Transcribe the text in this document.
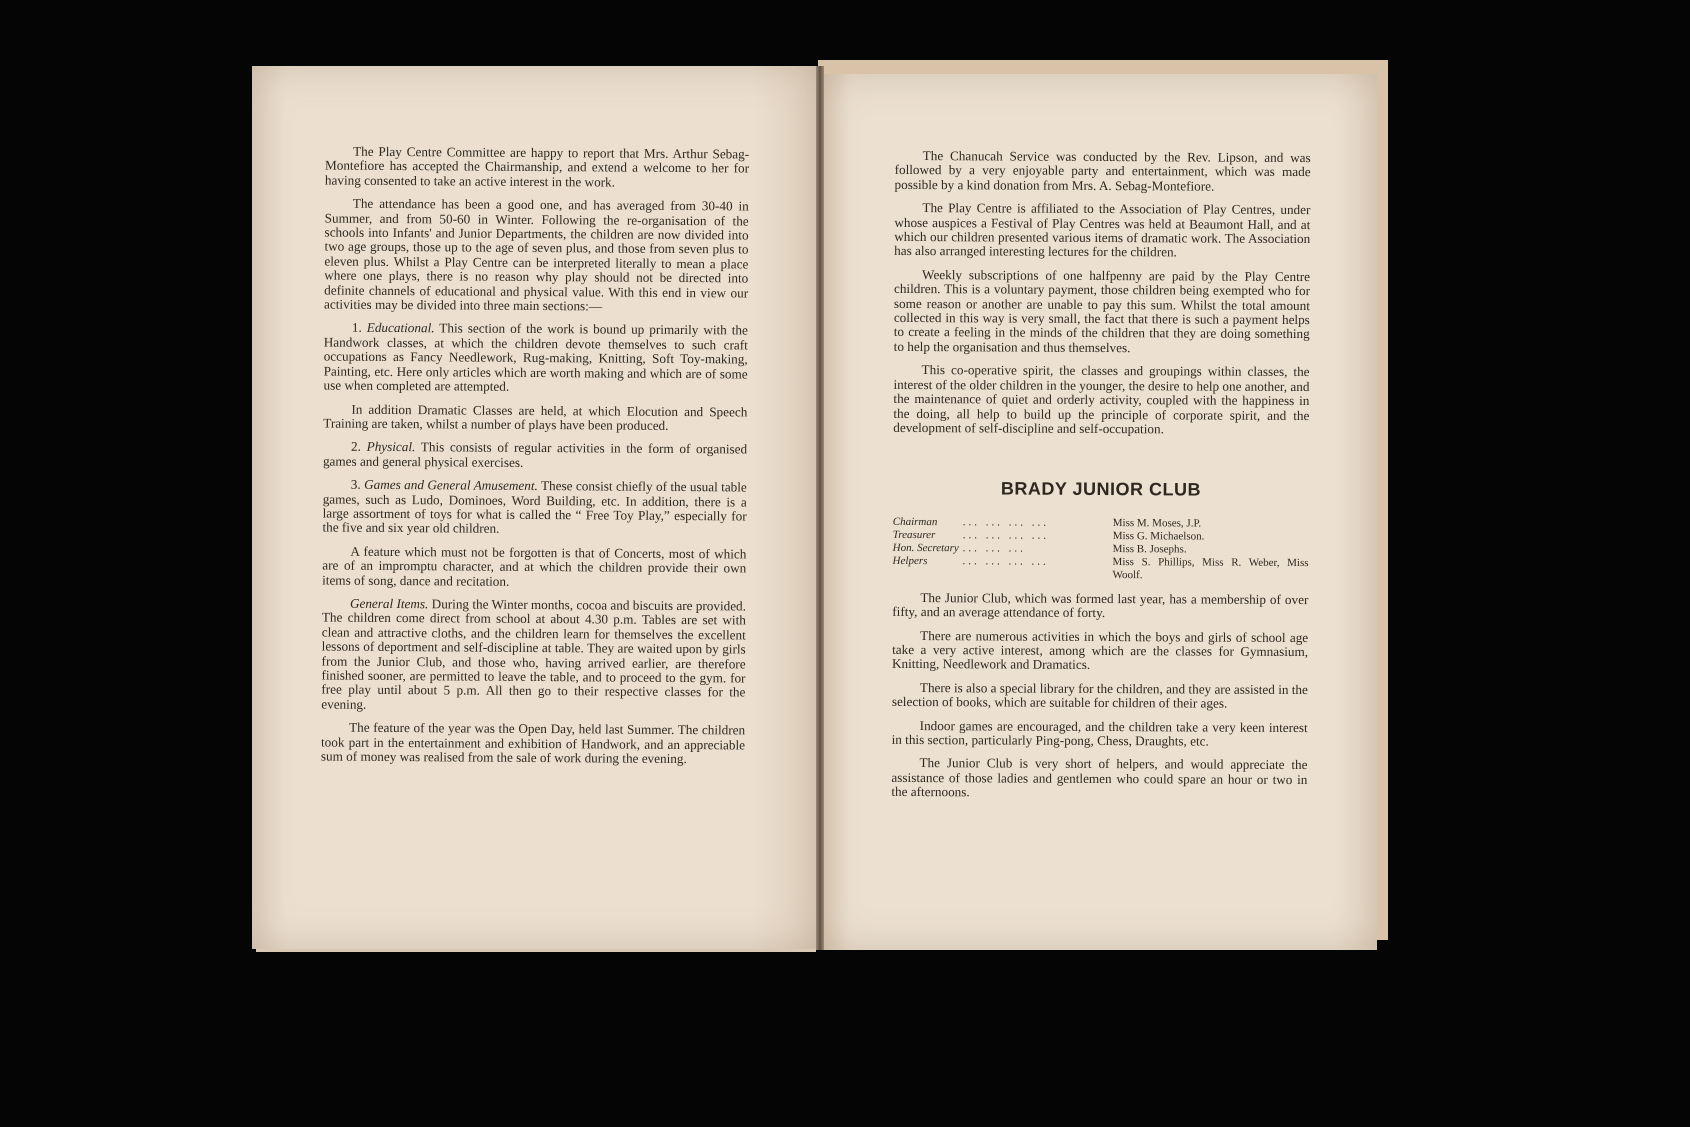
The Play Centre Committee are happy to report that Mrs. Arthur Sebag-Montefiore has accepted the Chairmanship, and extend a welcome to her for having consented to take an active interest in the work.

The attendance has been a good one, and has averaged from 30-40 in Summer, and from 50-60 in Winter. Following the re-organisation of the schools into Infants' and Junior Departments, the children are now divided into two age groups, those up to the age of seven plus, and those from seven plus to eleven plus. Whilst a Play Centre can be interpreted literally to mean a place where one plays, there is no reason why play should not be directed into definite channels of educational and physical value. With this end in view our activities may be divided into three main sections:—

1. Educational. This section of the work is bound up primarily with the Handwork classes, at which the children devote themselves to such craft occupations as Fancy Needlework, Rug-making, Knitting, Soft Toy-making, Painting, etc. Here only articles which are worth making and which are of some use when completed are attempted.

In addition Dramatic Classes are held, at which Elocution and Speech Training are taken, whilst a number of plays have been produced.

2. Physical. This consists of regular activities in the form of organised games and general physical exercises.

3. Games and General Amusement. These consist chiefly of the usual table games, such as Ludo, Dominoes, Word Building, etc. In addition, there is a large assortment of toys for what is called the “ Free Toy Play,” especially for the five and six year old children.

A feature which must not be forgotten is that of Concerts, most of which are of an impromptu character, and at which the children provide their own items of song, dance and recitation.

General Items. During the Winter months, cocoa and biscuits are provided. The children come direct from school at about 4.30 p.m. Tables are set with clean and attractive cloths, and the children learn for themselves the excellent lessons of deportment and self-discipline at table. They are waited upon by girls from the Junior Club, and those who, having arrived earlier, are therefore finished sooner, are permitted to leave the table, and to proceed to the gym. for free play until about 5 p.m. All then go to their respective classes for the evening.

The feature of the year was the Open Day, held last Summer. The children took part in the entertainment and exhibition of Handwork, and an appreciable sum of money was realised from the sale of work during the evening.

The Chanucah Service was conducted by the Rev. Lipson, and was followed by a very enjoyable party and entertainment, which was made possible by a kind donation from Mrs. A. Sebag-Montefiore.

The Play Centre is affiliated to the Association of Play Centres, under whose auspices a Festival of Play Centres was held at Beaumont Hall, and at which our children presented various items of dramatic work. The Association has also arranged interesting lectures for the children.

Weekly subscriptions of one halfpenny are paid by the Play Centre children. This is a voluntary payment, those children being exempted who for some reason or another are unable to pay this sum. Whilst the total amount collected in this way is very small, the fact that there is such a payment helps to create a feeling in the minds of the children that they are doing something to help the organisation and thus themselves.

This co-operative spirit, the classes and groupings within classes, the interest of the older children in the younger, the desire to help one another, and the maintenance of quiet and orderly activity, coupled with the happiness in the doing, all help to build up the principle of corporate spirit, and the development of self-discipline and self-occupation.

BRADY JUNIOR CLUB
Chairman	... ... ... ...	Miss M. Moses, J.P.
Treasurer	... ... ... ...	Miss G. Michaelson.
Hon. Secretary	... ... ...	Miss B. Josephs.
Helpers	... ... ... ...	Miss S. Phillips, Miss R. Weber, Miss Woolf.

The Junior Club, which was formed last year, has a membership of over fifty, and an average attendance of forty.

There are numerous activities in which the boys and girls of school age take a very active interest, among which are the classes for Gymnasium, Knitting, Needlework and Dramatics.

There is also a special library for the children, and they are assisted in the selection of books, which are suitable for children of their ages.

Indoor games are encouraged, and the children take a very keen interest in this section, particularly Ping-pong, Chess, Draughts, etc.

The Junior Club is very short of helpers, and would appreciate the assistance of those ladies and gentlemen who could spare an hour or two in the afternoons.
